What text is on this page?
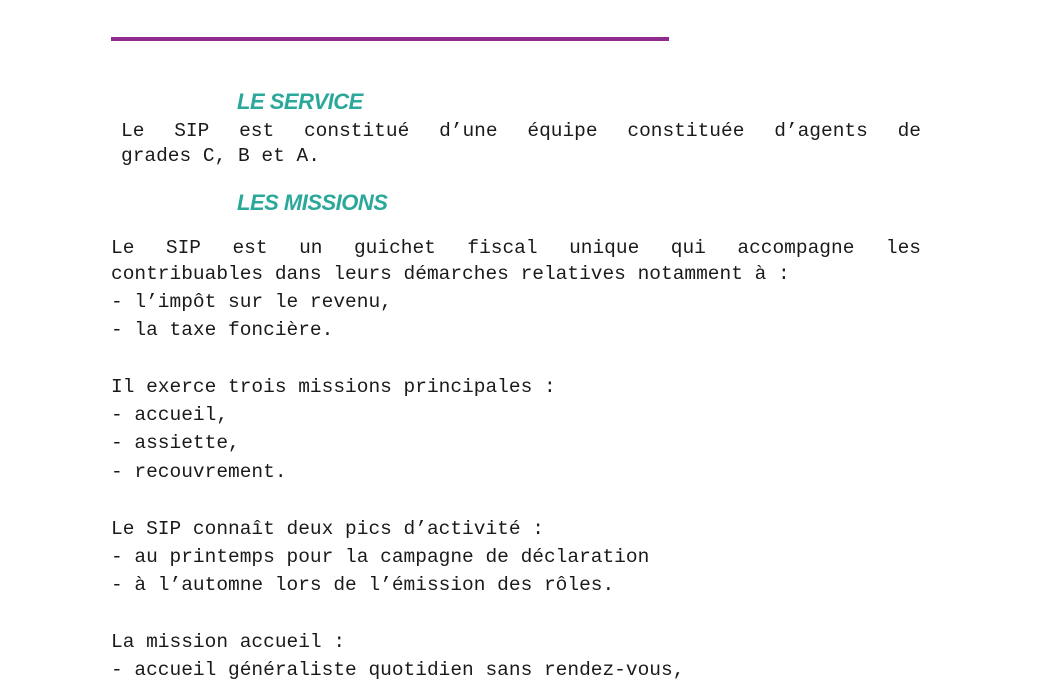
LE SERVICE
Le SIP est constitué d’une équipe constituée d’agents de
grades C, B et A.
LES MISSIONS
Le SIP est un guichet fiscal unique qui accompagne les
contribuables dans leurs démarches relatives notamment à :
- l’impôt sur le revenu,
- la taxe foncière.
Il exerce trois missions principales :
- accueil,
- assiette,
- recouvrement.
Le SIP connaît deux pics d’activité :
- au printemps pour la campagne de déclaration
- à l’automne lors de l’émission des rôles.
La mission accueil :
- accueil généraliste quotidien sans rendez-vous,
